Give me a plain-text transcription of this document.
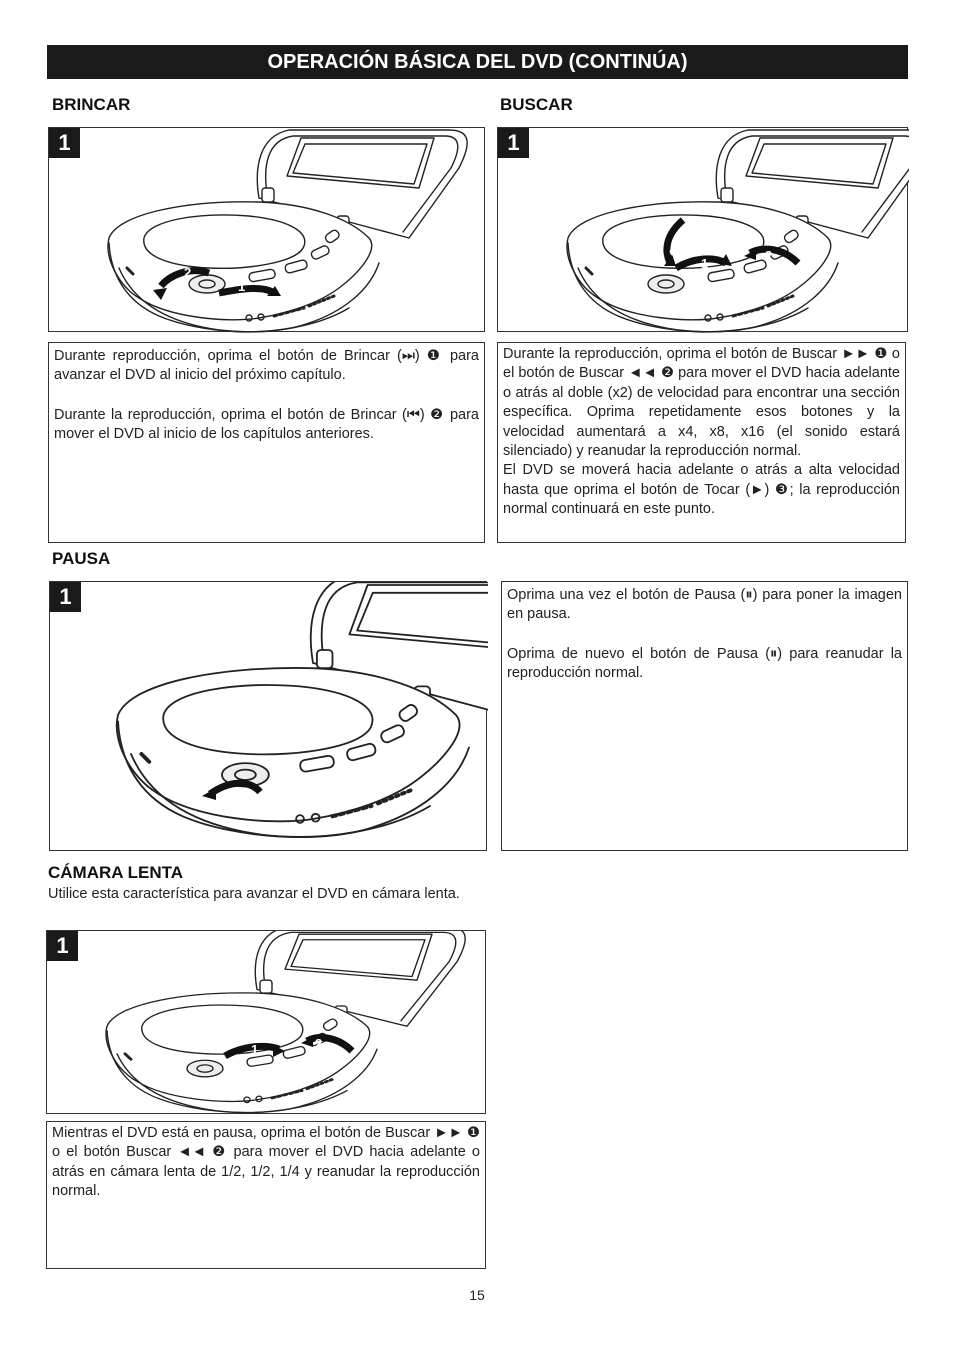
OPERACIÓN BÁSICA DEL DVD (CONTINÚA)
BRINCAR
1
2
1

Durante reproducción, oprima el botón de Brincar (⏭) ❶ para avanzar el DVD al inicio del próximo capítulo.

Durante la reproducción, oprima el botón de Brincar (⏮) ❷ para mover el DVD al inicio de los capítulos anteriores.

BUSCAR
1
3
1
2

Durante la reproducción, oprima el botón de Buscar ►► ❶ o el botón de Buscar ◄◄ ❷ para mover el DVD hacia adelante o atrás al doble (x2) de velocidad para encontrar una sección específica. Oprima repetidamente esos botones y la velocidad aumentará a x4, x8, x16 (el sonido estará silenciado) y reanudar la reproducción normal.

El DVD se moverá hacia adelante o atrás a alta velocidad hasta que oprima el botón de Tocar (►) ❸; la reproducción normal continuará en este punto.

PAUSA
1	Oprima una vez el botón de Pausa (⏸) para poner la imagen en pausa.

Oprima de nuevo el botón de Pausa (⏸) para reanudar la reproducción normal.

CÁMARA LENTA
Utilice esta característica para avanzar el DVD en cámara lenta.
1
1	2

Mientras el DVD está en pausa, oprima el botón de Buscar ►► ❶ o el botón Buscar ◄◄ ❷ para mover el DVD hacia adelante o atrás en cámara lenta de 1/2, 1/2, 1/4 y reanudar la reproducción normal.

15
